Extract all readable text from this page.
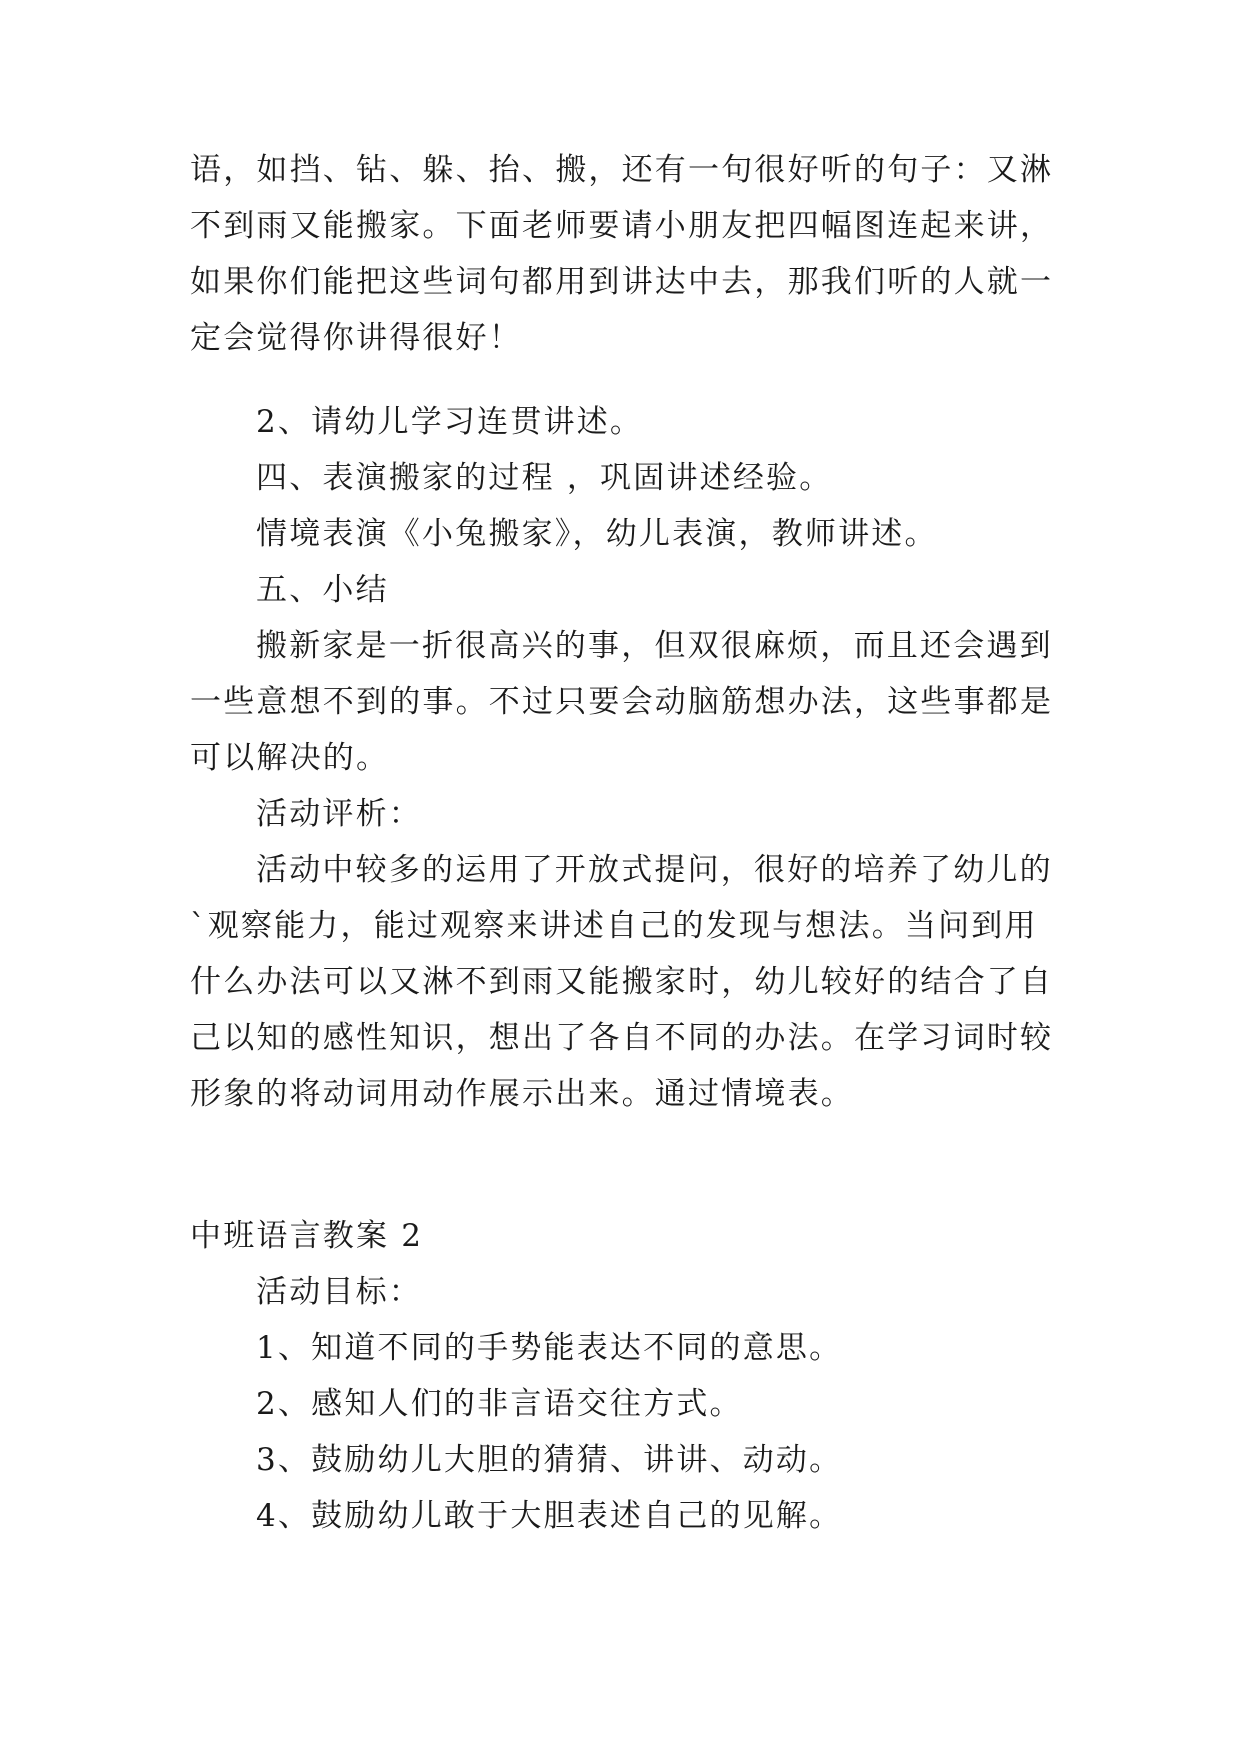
语，如挡、钻、躲、抬、搬，还有一句很好听的句子：又淋
不到雨又能搬家。下面老师要请小朋友把四幅图连起来讲，
如果你们能把这些词句都用到讲达中去，那我们听的人就一
定会觉得你讲得很好！
2、请幼儿学习连贯讲述。
四、表演搬家的过程 ，巩固讲述经验。
情境表演《小兔搬家》，幼儿表演，教师讲述。
五、小结
搬新家是一折很高兴的事，但双很麻烦，而且还会遇到
一些意想不到的事。不过只要会动脑筋想办法，这些事都是
可以解决的。
活动评析：
活动中较多的运用了开放式提问，很好的培养了幼儿的
`观察能力，能过观察来讲述自己的发现与想法。当问到用
什么办法可以又淋不到雨又能搬家时，幼儿较好的结合了自
己以知的感性知识，想出了各自不同的办法。在学习词时较
形象的将动词用动作展示出来。通过情境表。
中班语言教案 2
活动目标：
1、知道不同的手势能表达不同的意思。
2、感知人们的非言语交往方式。
3、鼓励幼儿大胆的猜猜、讲讲、动动。
4、鼓励幼儿敢于大胆表述自己的见解。
